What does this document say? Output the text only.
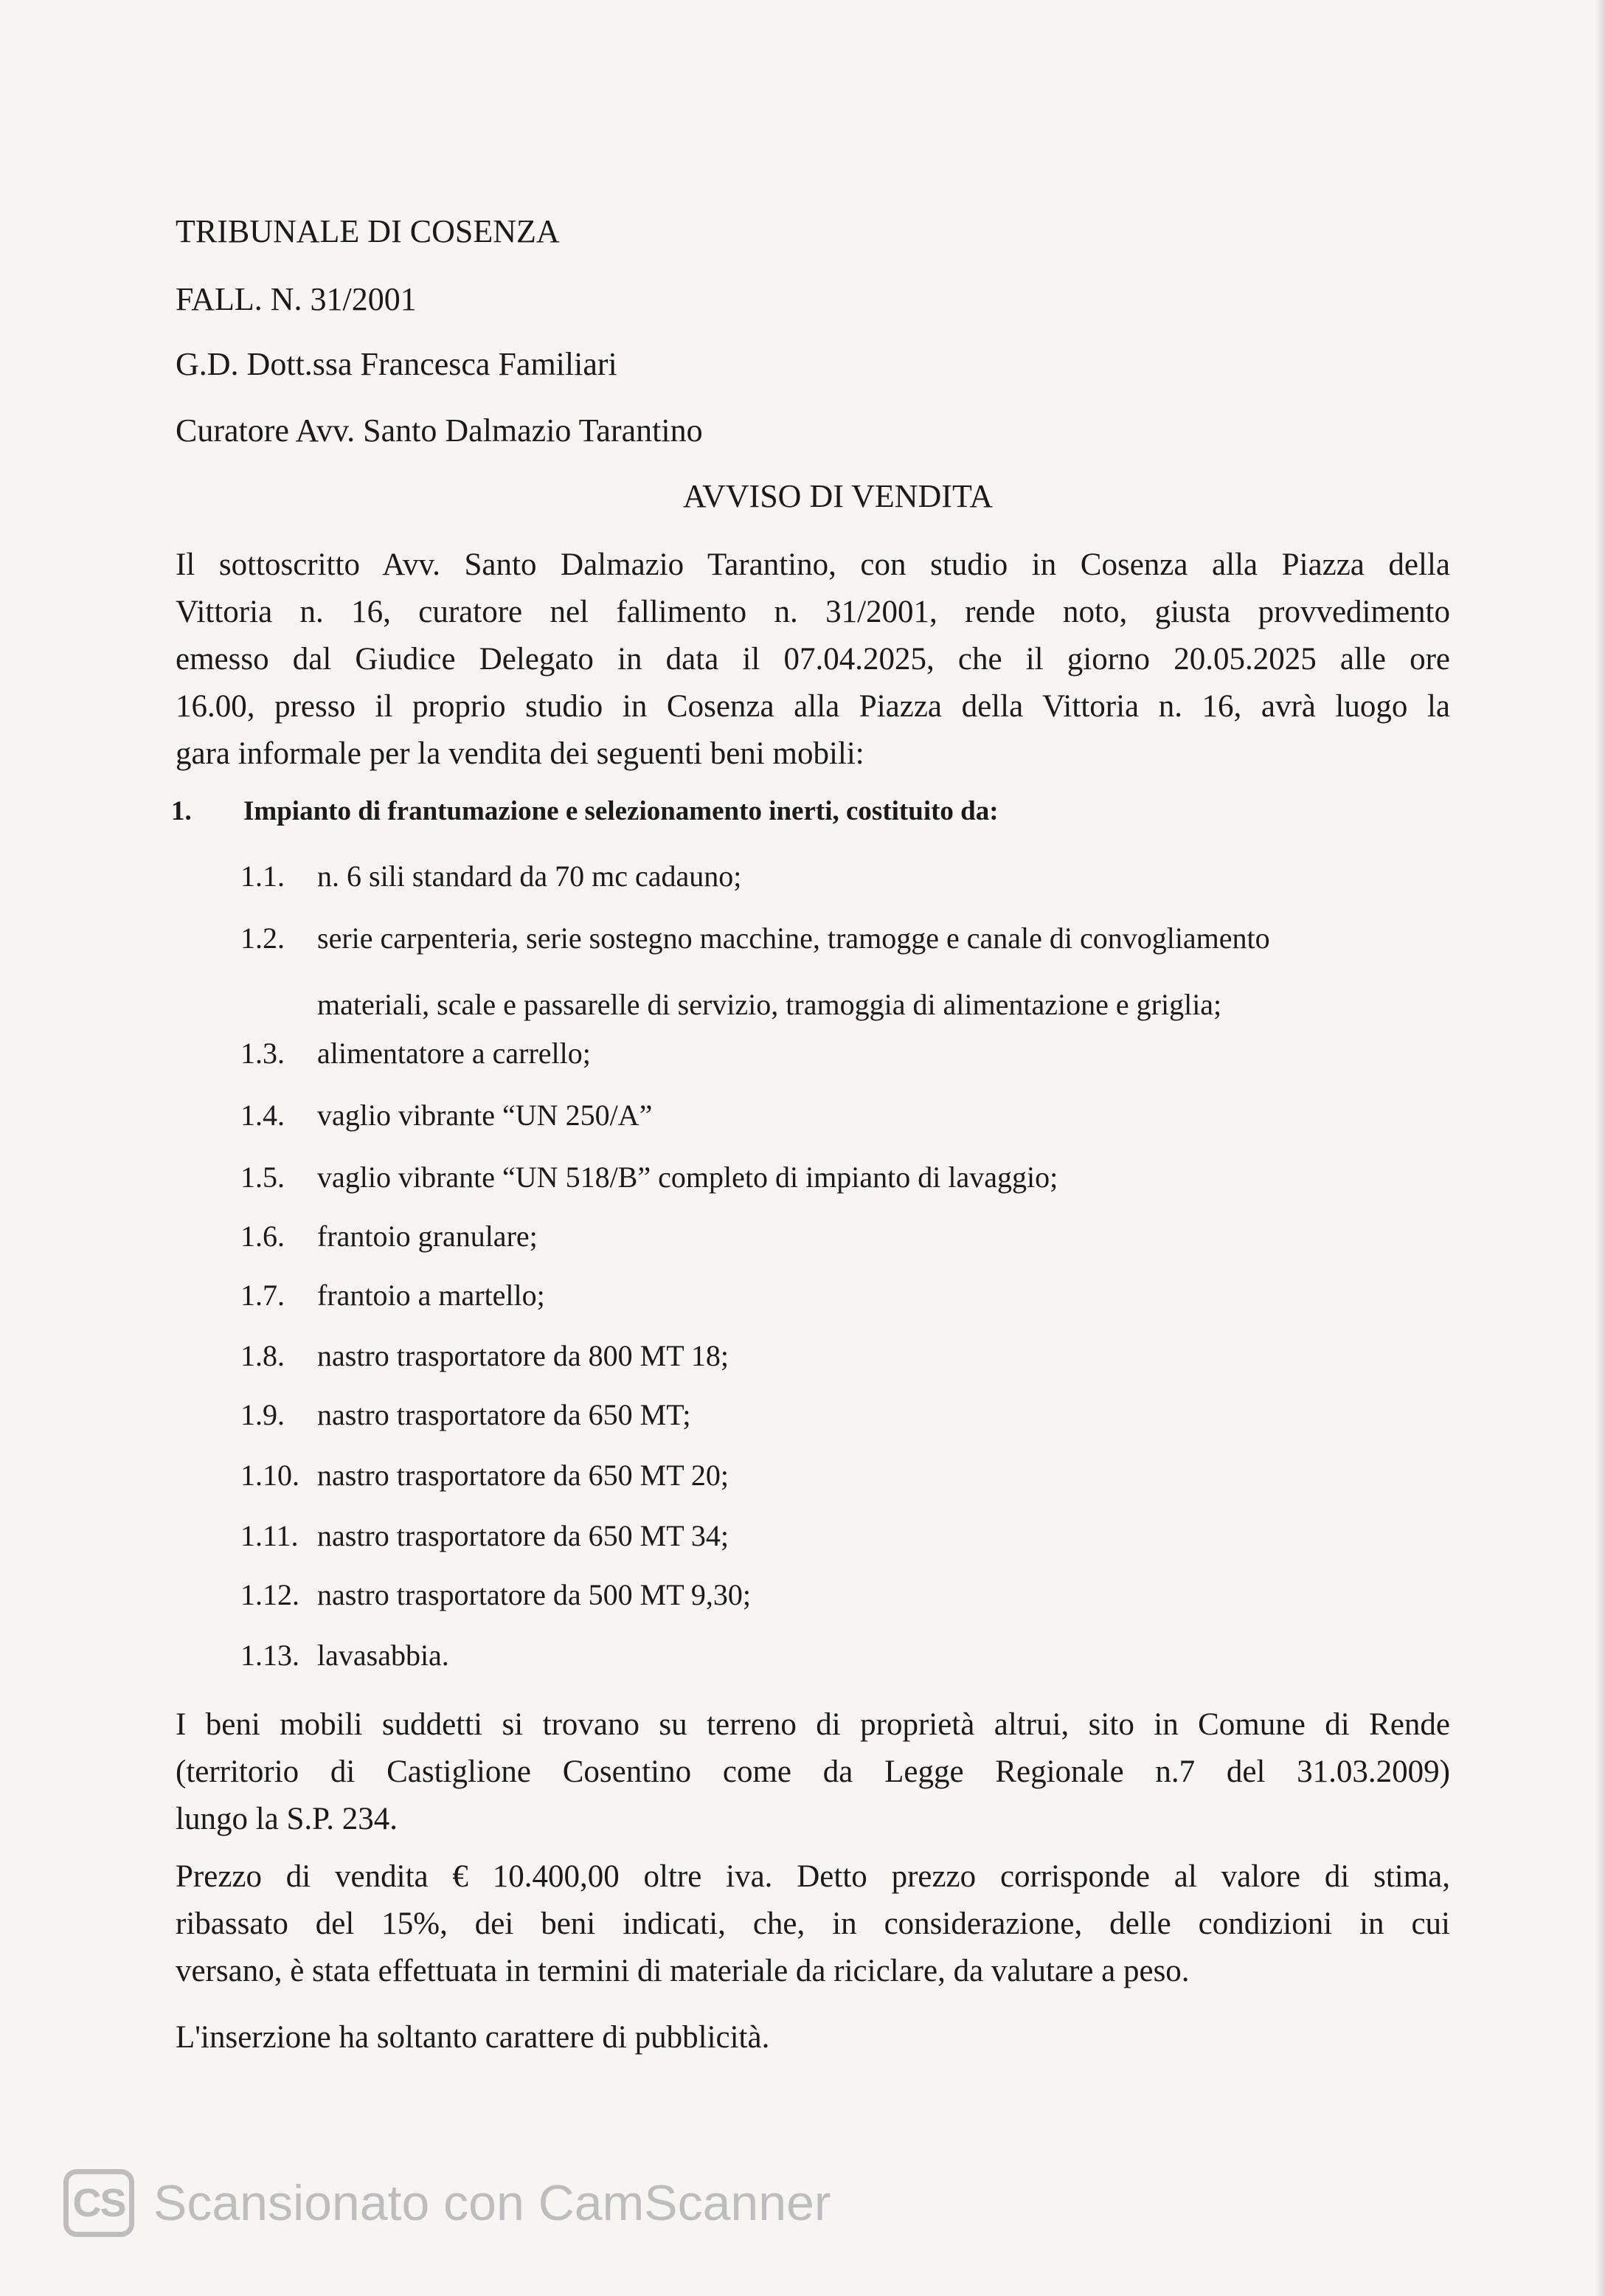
TRIBUNALE DI COSENZA
FALL. N. 31/2001
G.D. Dott.ssa Francesca Familiari
Curatore Avv. Santo Dalmazio Tarantino
AVVISO DI VENDITA
Il sottoscritto Avv. Santo Dalmazio Tarantino, con studio in Cosenza alla Piazza della
Vittoria n. 16, curatore nel fallimento n. 31/2001, rende noto, giusta provvedimento
emesso dal Giudice Delegato in data il 07.04.2025, che il giorno 20.05.2025 alle ore
16.00, presso il proprio studio in Cosenza alla Piazza della Vittoria n. 16, avrà luogo la
gara informale per la vendita dei seguenti beni mobili:
1. Impianto di frantumazione e selezionamento inerti, costituito da:
1.1. n. 6 sili standard da 70 mc cadauno;
1.2. serie carpenteria, serie sostegno macchine, tramogge e canale di convogliamento
materiali, scale e passarelle di servizio, tramoggia di alimentazione e griglia;
1.3. alimentatore a carrello;
1.4. vaglio vibrante “UN 250/A”
1.5. vaglio vibrante “UN 518/B” completo di impianto di lavaggio;
1.6. frantoio granulare;
1.7. frantoio a martello;
1.8. nastro trasportatore da 800 MT 18;
1.9. nastro trasportatore da 650 MT;
1.10. nastro trasportatore da 650 MT 20;
1.11. nastro trasportatore da 650 MT 34;
1.12. nastro trasportatore da 500 MT 9,30;
1.13. lavasabbia.
I beni mobili suddetti si trovano su terreno di proprietà altrui, sito in Comune di Rende
(territorio di Castiglione Cosentino come da Legge Regionale n.7 del 31.03.2009)
lungo la S.P. 234.
Prezzo di vendita € 10.400,00 oltre iva. Detto prezzo corrisponde al valore di stima,
ribassato del 15%, dei beni indicati, che, in considerazione, delle condizioni in cui
versano, è stata effettuata in termini di materiale da riciclare, da valutare a peso.
L'inserzione ha soltanto carattere di pubblicità.
CS Scansionato con CamScanner
